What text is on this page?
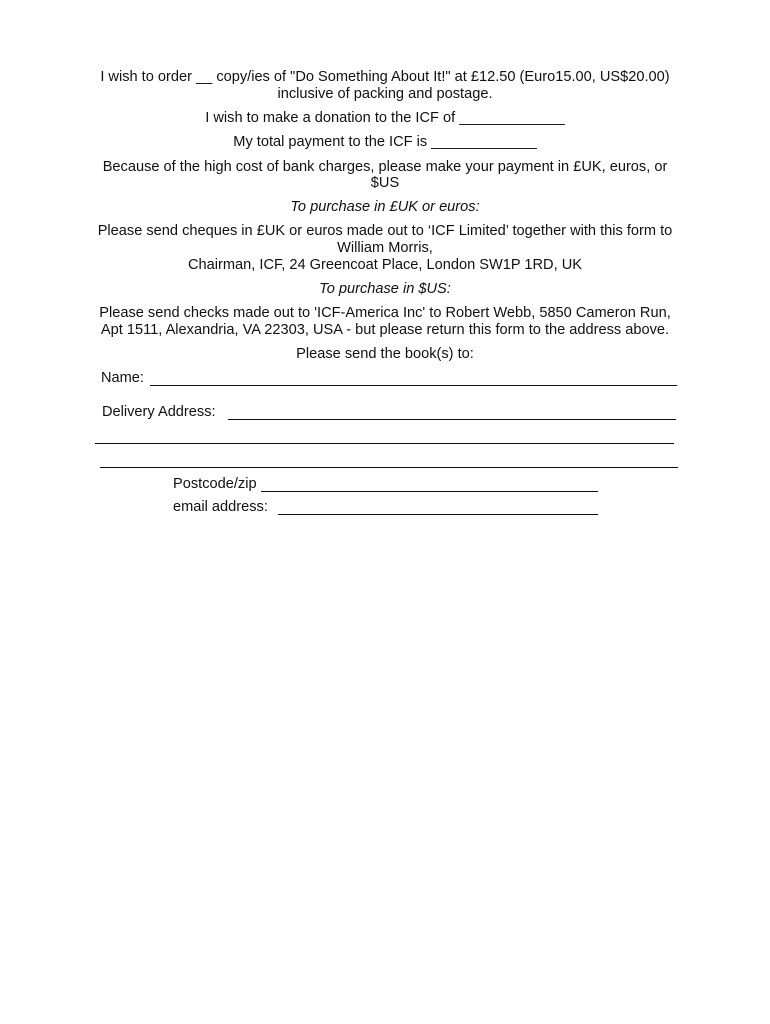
I wish to order __ copy/ies of "Do Something About It!" at £12.50 (Euro15.00, US$20.00)
inclusive of packing and postage.
I wish to make a donation to the ICF of _____________
My total payment to the ICF is _____________
Because of the high cost of bank charges, please make your payment in £UK, euros, or
$US
To purchase in £UK or euros:
Please send cheques in £UK or euros made out to ‘ICF Limited’ together with this form to
William Morris,
Chairman, ICF, 24 Greencoat Place, London SW1P 1RD, UK
To purchase in $US:
Please send checks made out to 'ICF-America Inc' to Robert Webb, 5850 Cameron Run,
Apt 1511, Alexandria, VA 22303, USA - but please return this form to the address above.
Please send the book(s) to:
Name:
Delivery Address:
Postcode/zip
email address:
